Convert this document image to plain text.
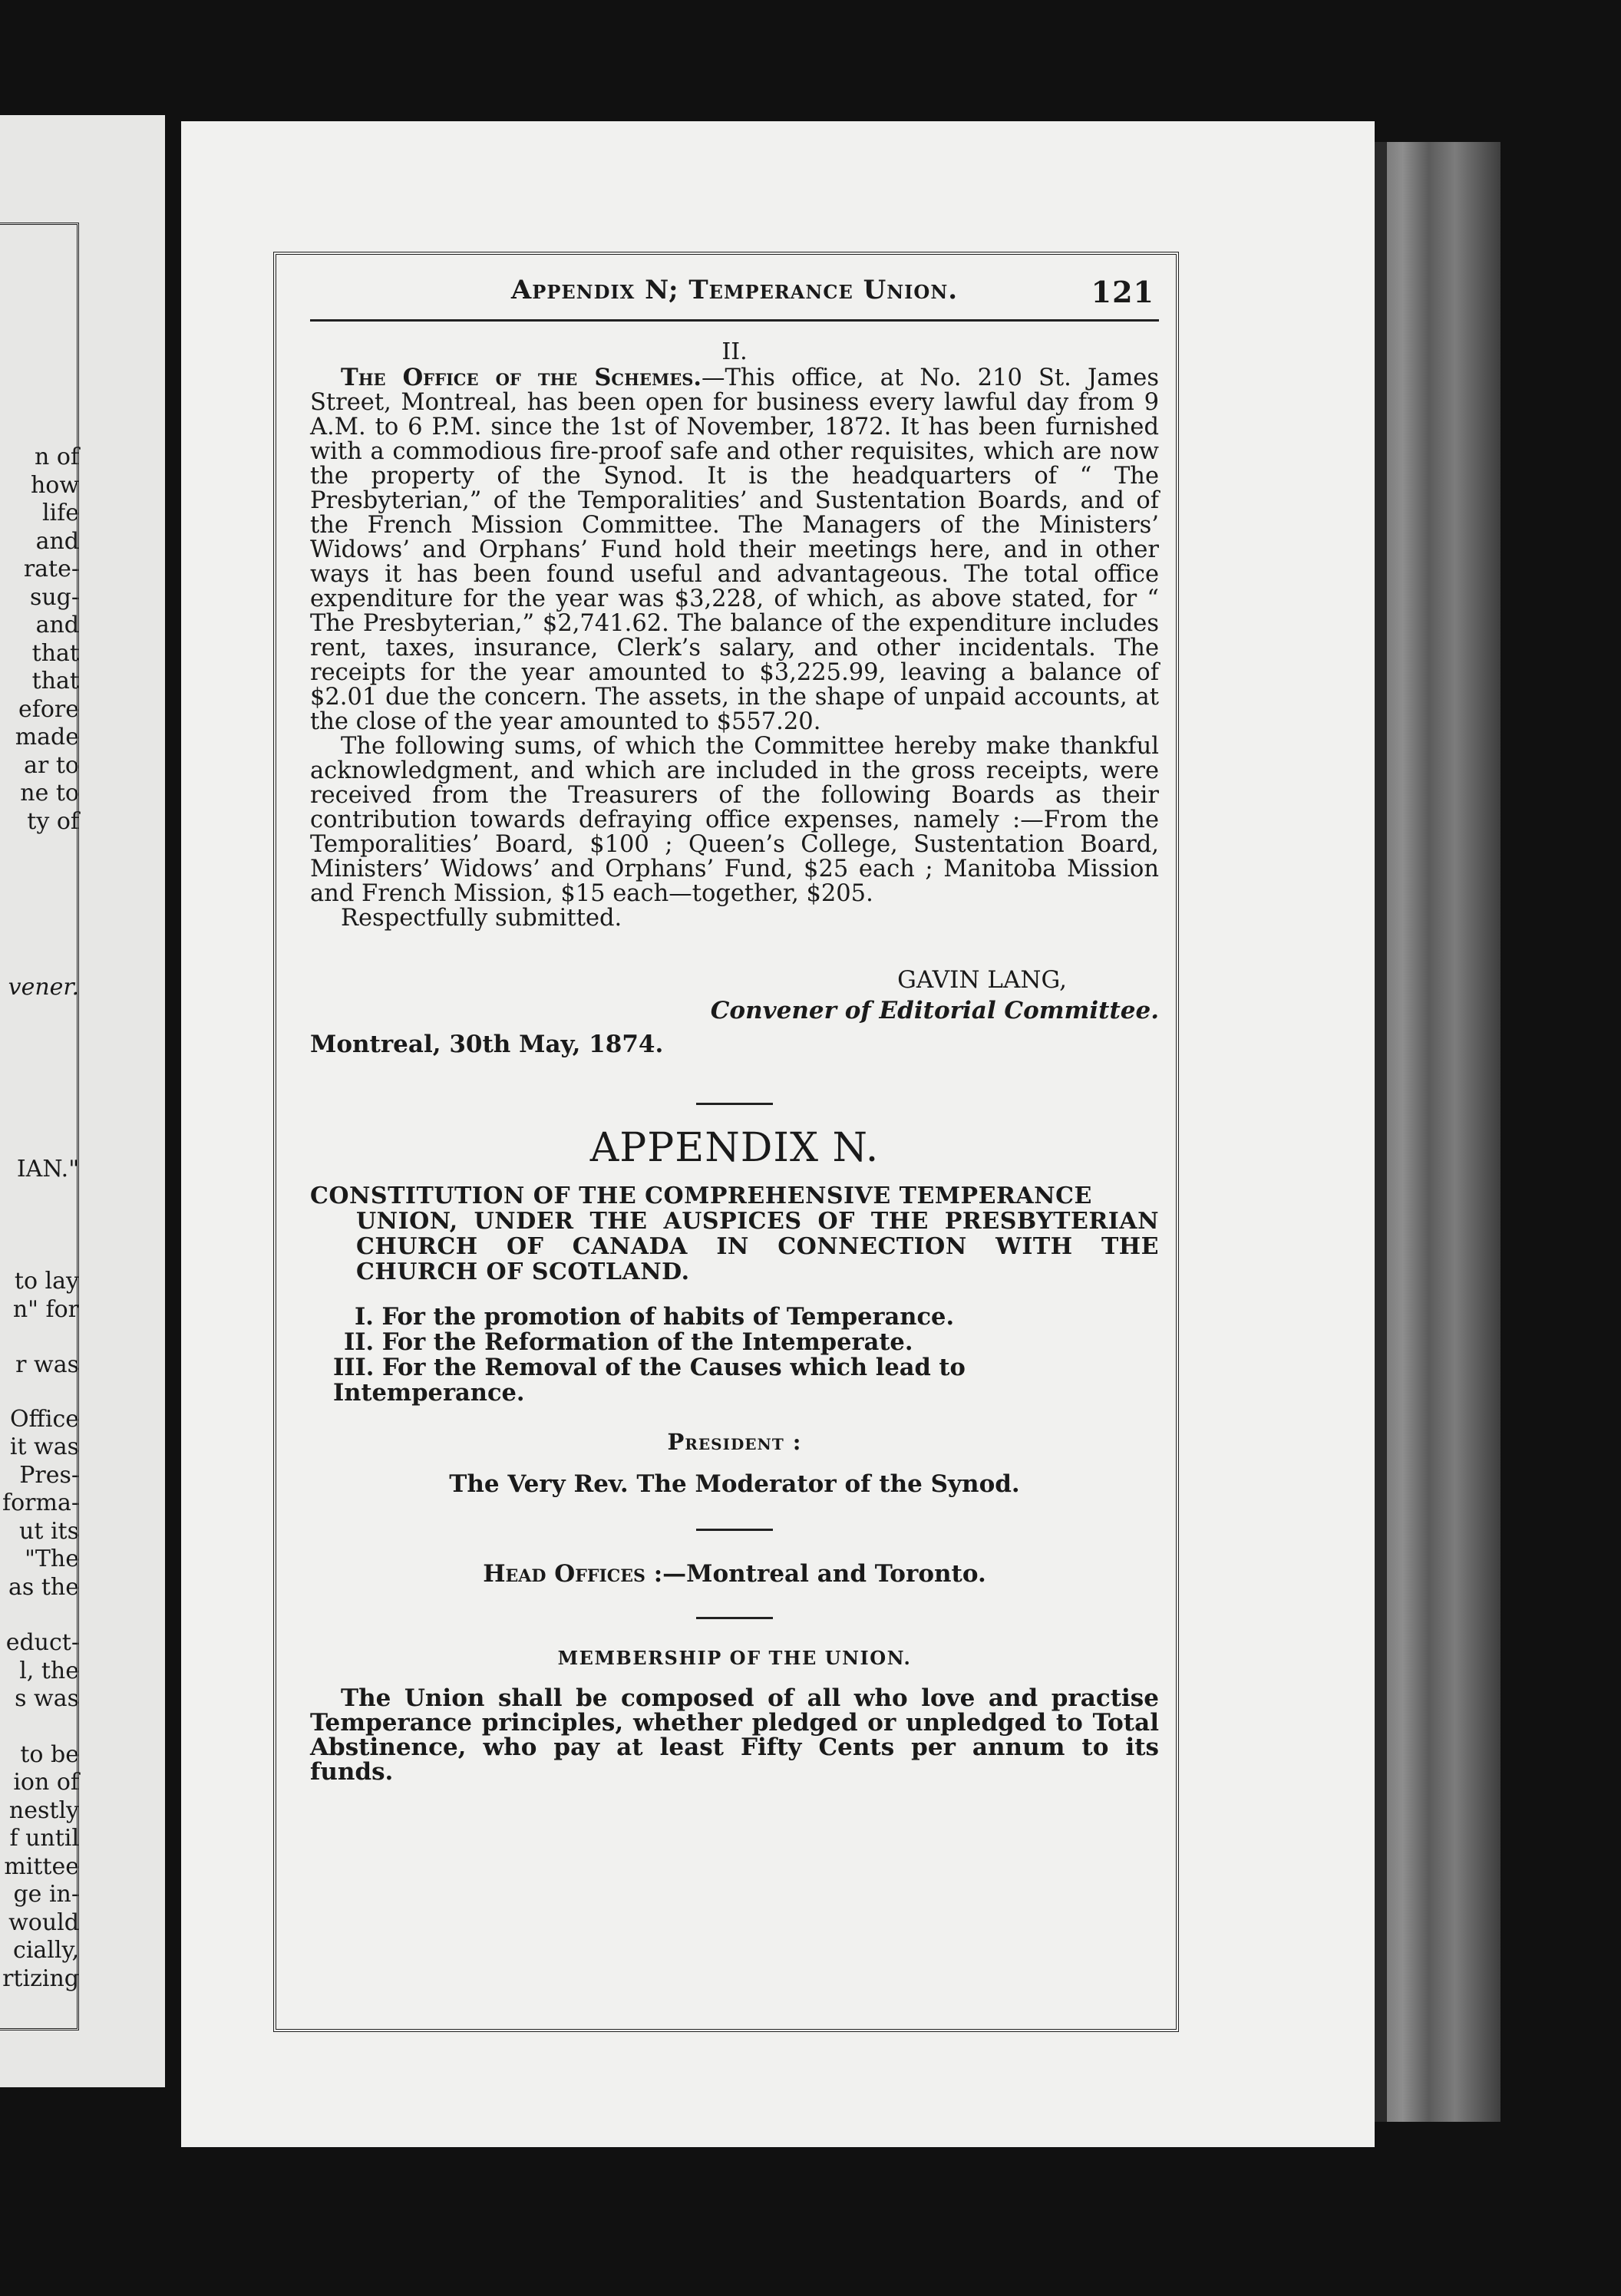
n of
how
life
and
rate-
sug-
and
that
that
efore
made
ar to
ne to
ty of
vener.
IAN."
to lay
n" for
r was
Office
it was
Pres-
forma-
ut its
"The
as the
educt-
l, the
s was
to be
ion of
nestly
f until
mittee
ge in-
would
cially,
rtizing
Appendix N; Temperance Union.	121
II.

The Office of the Schemes.—This office, at No. 210 St. James Street, Montreal, has been open for business every lawful day from 9 A.M. to 6 P.M. since the 1st of November, 1872. It has been furnished with a commodious fire-proof safe and other requisites, which are now the property of the Synod. It is the headquarters of “ The Presbyterian,” of the Temporalities’ and Sustentation Boards, and of the French Mission Committee. The Managers of the Ministers’ Widows’ and Orphans’ Fund hold their meetings here, and in other ways it has been found useful and advantageous. The total office expenditure for the year was $3,228, of which, as above stated, for “ The Presbyterian,” $2,741.62. The balance of the expenditure includes rent, taxes, insurance, Clerk’s salary, and other incidentals. The receipts for the year amounted to $3,225.99, leaving a balance of $2.01 due the concern. The assets, in the shape of unpaid accounts, at the close of the year amounted to $557.20.

The following sums, of which the Committee hereby make thankful acknowledgment, and which are included in the gross receipts, were received from the Treasurers of the following Boards as their contribution towards defraying office expenses, namely :—From the Temporalities’ Board, $100 ; Queen’s College, Sustentation Board, Ministers’ Widows’ and Orphans’ Fund, $25 each ; Manitoba Mission and French Mission, $15 each—together, $205.

Respectfully submitted.

GAVIN LANG,
Convener of Editorial Committee.
Montreal, 30th May, 1874.
APPENDIX N.
CONSTITUTION OF THE COMPREHENSIVE TEMPERANCE
UNION, UNDER THE AUSPICES OF THE PRESBYTERIAN CHURCH OF CANADA IN CONNECTION WITH THE CHURCH OF SCOTLAND.
I. For the promotion of habits of Temperance.
II. For the Reformation of the Intemperate.
III. For the Removal of the Causes which lead to Intemperance.
President :
The Very Rev. The Moderator of the Synod.
Head Offices :—Montreal and Toronto.
MEMBERSHIP OF THE UNION.

The Union shall be composed of all who love and practise Temperance principles, whether pledged or unpledged to Total Abstinence, who pay at least Fifty Cents per annum to its funds.
